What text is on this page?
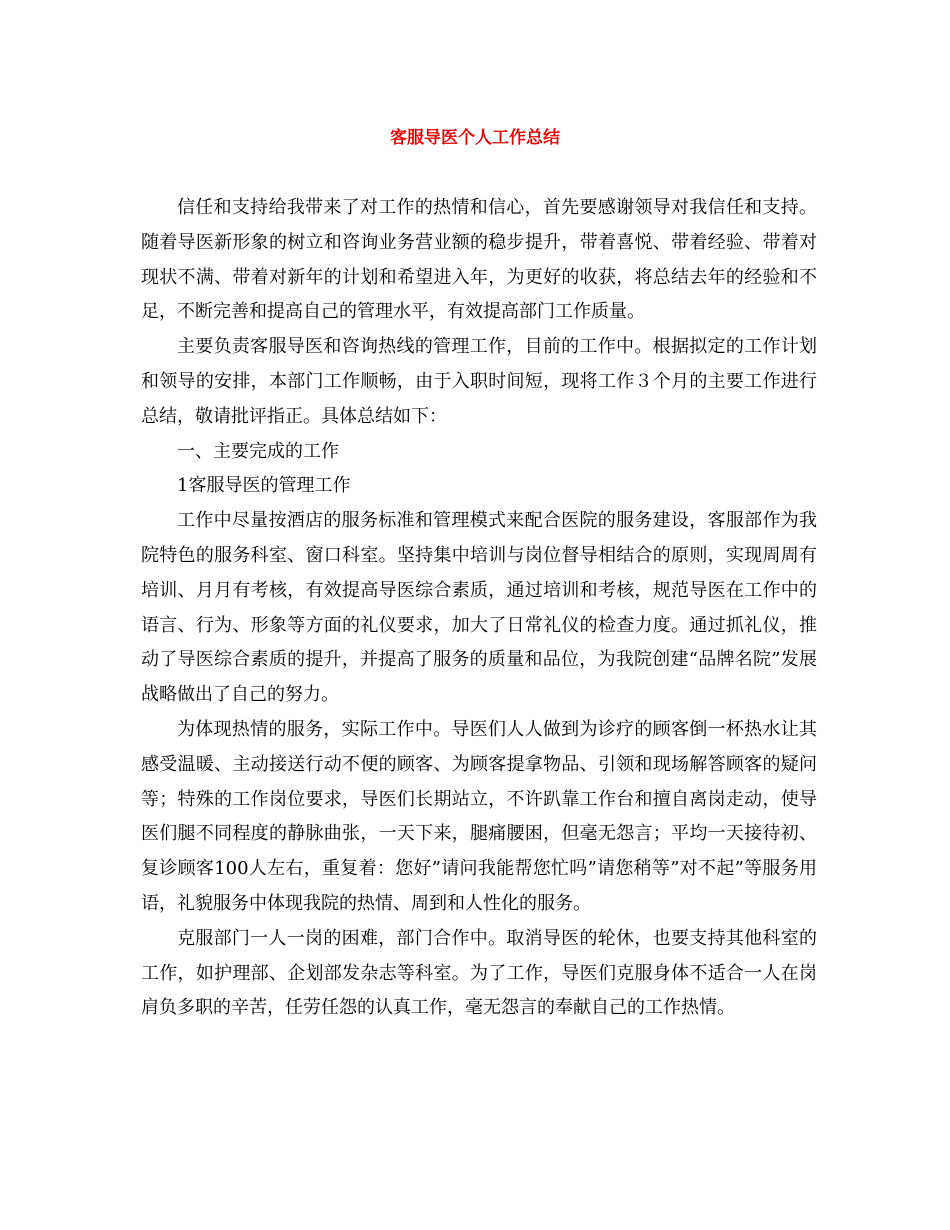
客服导医个人工作总结

信任和支持给我带来了对工作的热情和信心，首先要感谢领导对我信任和支持。随着导医新形象的树立和咨询业务营业额的稳步提升，带着喜悦、带着经验、带着对现状不满、带着对新年的计划和希望进入年，为更好的收获，将总结去年的经验和不足，不断完善和提高自己的管理水平，有效提高部门工作质量。

主要负责客服导医和咨询热线的管理工作，目前的工作中。根据拟定的工作计划和领导的安排，本部门工作顺畅，由于入职时间短，现将工作３个月的主要工作进行总结，敬请批评指正。具体总结如下：

一、主要完成的工作

1客服导医的管理工作

工作中尽量按酒店的服务标准和管理模式来配合医院的服务建设，客服部作为我院特色的服务科室、窗口科室。坚持集中培训与岗位督导相结合的原则，实现周周有培训、月月有考核，有效提高导医综合素质，通过培训和考核，规范导医在工作中的语言、行为、形象等方面的礼仪要求，加大了日常礼仪的检查力度。通过抓礼仪，推动了导医综合素质的提升，并提高了服务的质量和品位，为我院创建“品牌名院”发展战略做出了自己的努力。

为体现热情的服务，实际工作中。导医们人人做到为诊疗的顾客倒一杯热水让其感受温暖、主动接送行动不便的顾客、为顾客提拿物品、引领和现场解答顾客的疑问等；特殊的工作岗位要求，导医们长期站立，不许趴靠工作台和擅自离岗走动，使导医们腿不同程度的静脉曲张，一天下来，腿痛腰困，但毫无怨言；平均一天接待初、复诊顾客100人左右，重复着：您好”请问我能帮您忙吗”请您稍等”对不起”等服务用语，礼貌服务中体现我院的热情、周到和人性化的服务。

克服部门一人一岗的困难，部门合作中。取消导医的轮休，也要支持其他科室的工作，如护理部、企划部发杂志等科室。为了工作，导医们克服身体不适合一人在岗肩负多职的辛苦，任劳任怨的认真工作，毫无怨言的奉献自己的工作热情。
